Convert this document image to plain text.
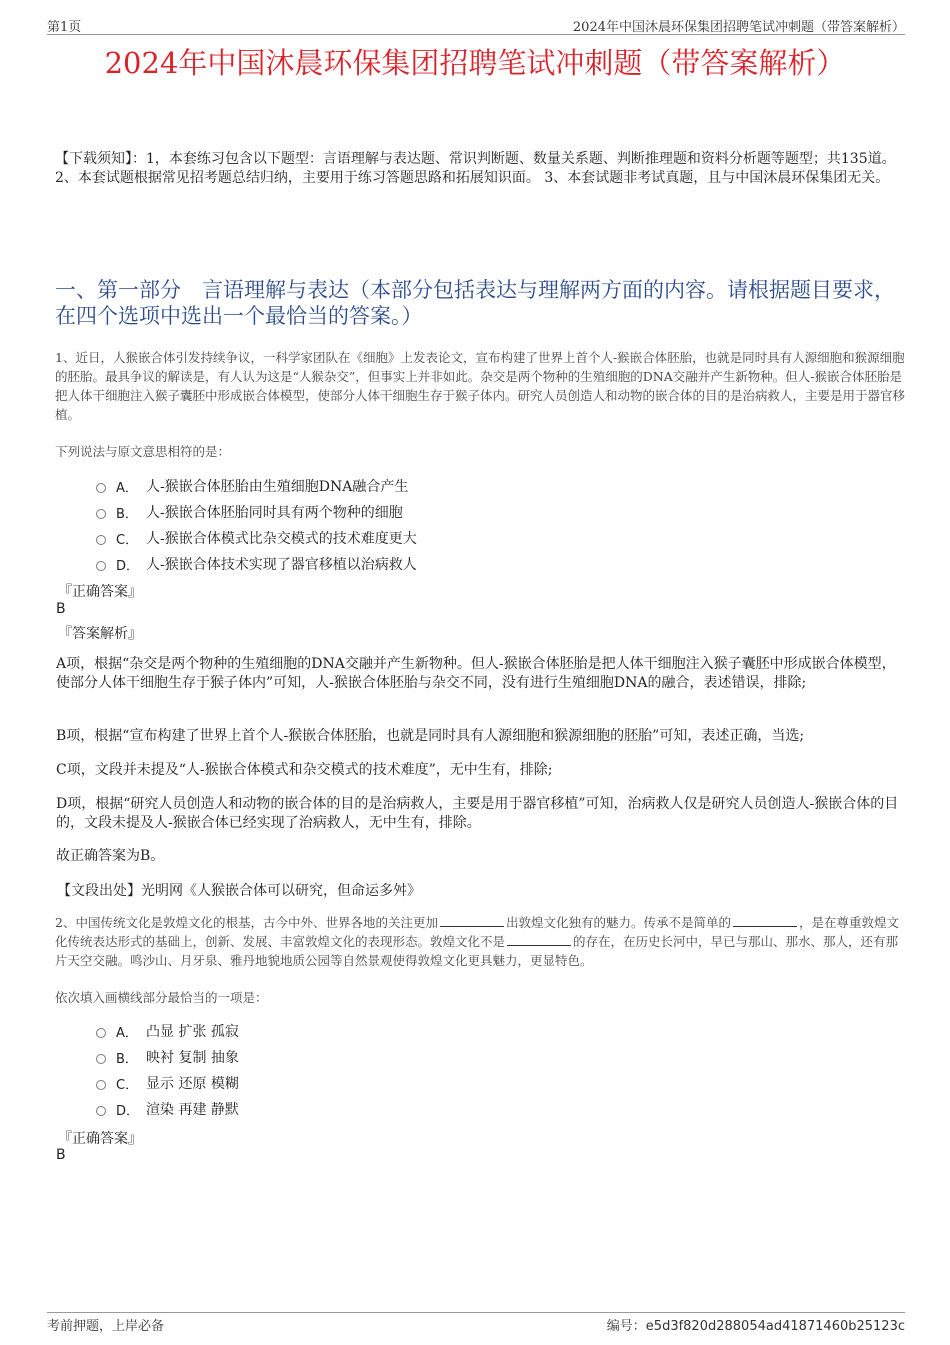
第1页	2024年中国沐晨环保集团招聘笔试冲刺题（带答案解析）
2024年中国沐晨环保集团招聘笔试冲刺题（带答案解析）
【下载须知】：1，本套练习包含以下题型：言语理解与表达题、常识判断题、数量关系题、判断推理题和资料分析题等题型；共135道。 2、本套试题根据常见招考题总结归纳，主要用于练习答题思路和拓展知识面。 3、本套试题非考试真题，且与中国沐晨环保集团无关。
一、第一部分　言语理解与表达（本部分包括表达与理解两方面的内容。请根据题目要求，在四个选项中选出一个最恰当的答案。）
1、近日，人猴嵌合体引发持续争议，一科学家团队在《细胞》上发表论文，宣布构建了世界上首个人-猴嵌合体胚胎，也就是同时具有人源细胞和猴源细胞的胚胎。最具争议的解读是，有人认为这是“人猴杂交”，但事实上并非如此。杂交是两个物种的生殖细胞的DNA交融并产生新物种。但人-猴嵌合体胚胎是把人体干细胞注入猴子囊胚中形成嵌合体模型，使部分人体干细胞生存于猴子体内。研究人员创造人和动物的嵌合体的目的是治病救人，主要是用于器官移植。
下列说法与原文意思相符的是：
A． 人-猴嵌合体胚胎由生殖细胞DNA融合产生
B． 人-猴嵌合体胚胎同时具有两个物种的细胞
C． 人-猴嵌合体模式比杂交模式的技术难度更大
D． 人-猴嵌合体技术实现了器官移植以治病救人
『正确答案』
B
『答案解析』
A项，根据“杂交是两个物种的生殖细胞的DNA交融并产生新物种。但人-猴嵌合体胚胎是把人体干细胞注入猴子囊胚中形成嵌合体模型，使部分人体干细胞生存于猴子体内”可知，人-猴嵌合体胚胎与杂交不同，没有进行生殖细胞DNA的融合，表述错误，排除;
B项，根据“宣布构建了世界上首个人-猴嵌合体胚胎，也就是同时具有人源细胞和猴源细胞的胚胎”可知，表述正确，当选;
C项，文段并未提及“人-猴嵌合体模式和杂交模式的技术难度”，无中生有，排除;
D项，根据“研究人员创造人和动物的嵌合体的目的是治病救人，主要是用于器官移植”可知，治病救人仅是研究人员创造人-猴嵌合体的目的，文段未提及人-猴嵌合体已经实现了治病救人，无中生有，排除。
故正确答案为B。
【文段出处】光明网《人猴嵌合体可以研究，但命运多舛》
2、中国传统文化是敦煌文化的根基，古今中外、世界各地的关注更加	出敦煌文化独有的魅力。传承不是简单的	，是在尊重敦煌文化传统表达形式的基础上，创新、发展、丰富敦煌文化的表现形态。敦煌文化不是	的存在，在历史长河中，早已与那山、那水、那人，还有那片天空交融。鸣沙山、月牙泉、雅丹地貌地质公园等自然景观使得敦煌文化更具魅力，更显特色。
依次填入画横线部分最恰当的一项是：
A． 凸显 扩张 孤寂
B． 映衬 复制 抽象
C． 显示 还原 模糊
D． 渲染 再建 静默
『正确答案』
B
考前押题，上岸必备	编号：e5d3f820d288054ad41871460b25123c
